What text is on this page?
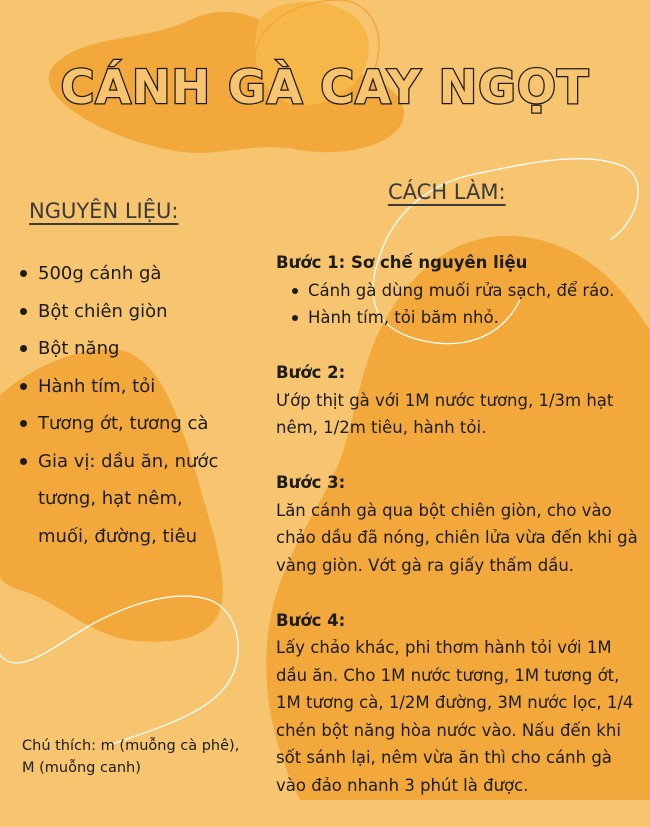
CÁNH GÀ CAY NGỌT
NGUYÊN LIỆU:
500g cánh gà
Bột chiên giòn
Bột năng
Hành tím, tỏi
Tương ớt, tương cà
Gia vị: dầu ăn, nước tương, hạt nêm, muối, đường, tiêu
Chú thích: m (muỗng cà phê), M (muỗng canh)
CÁCH LÀM:
Bước 1: Sơ chế nguyên liệu
Cánh gà dùng muối rửa sạch, để ráo.
Hành tím, tỏi băm nhỏ.
Bước 2:

Ướp thịt gà với 1M nước tương, 1/3m hạt nêm, 1/2m tiêu, hành tỏi.

Bước 3:

Lăn cánh gà qua bột chiên giòn, cho vào chảo dầu đã nóng, chiên lửa vừa đến khi gà vàng giòn. Vớt gà ra giấy thấm dầu.

Bước 4:

Lấy chảo khác, phi thơm hành tỏi với 1M dầu ăn. Cho 1M nước tương, 1M tương ớt, 1M tương cà, 1/2M đường, 3M nước lọc, 1/4 chén bột năng hòa nước vào. Nấu đến khi sốt sánh lại, nêm vừa ăn thì cho cánh gà vào đảo nhanh 3 phút là được.
